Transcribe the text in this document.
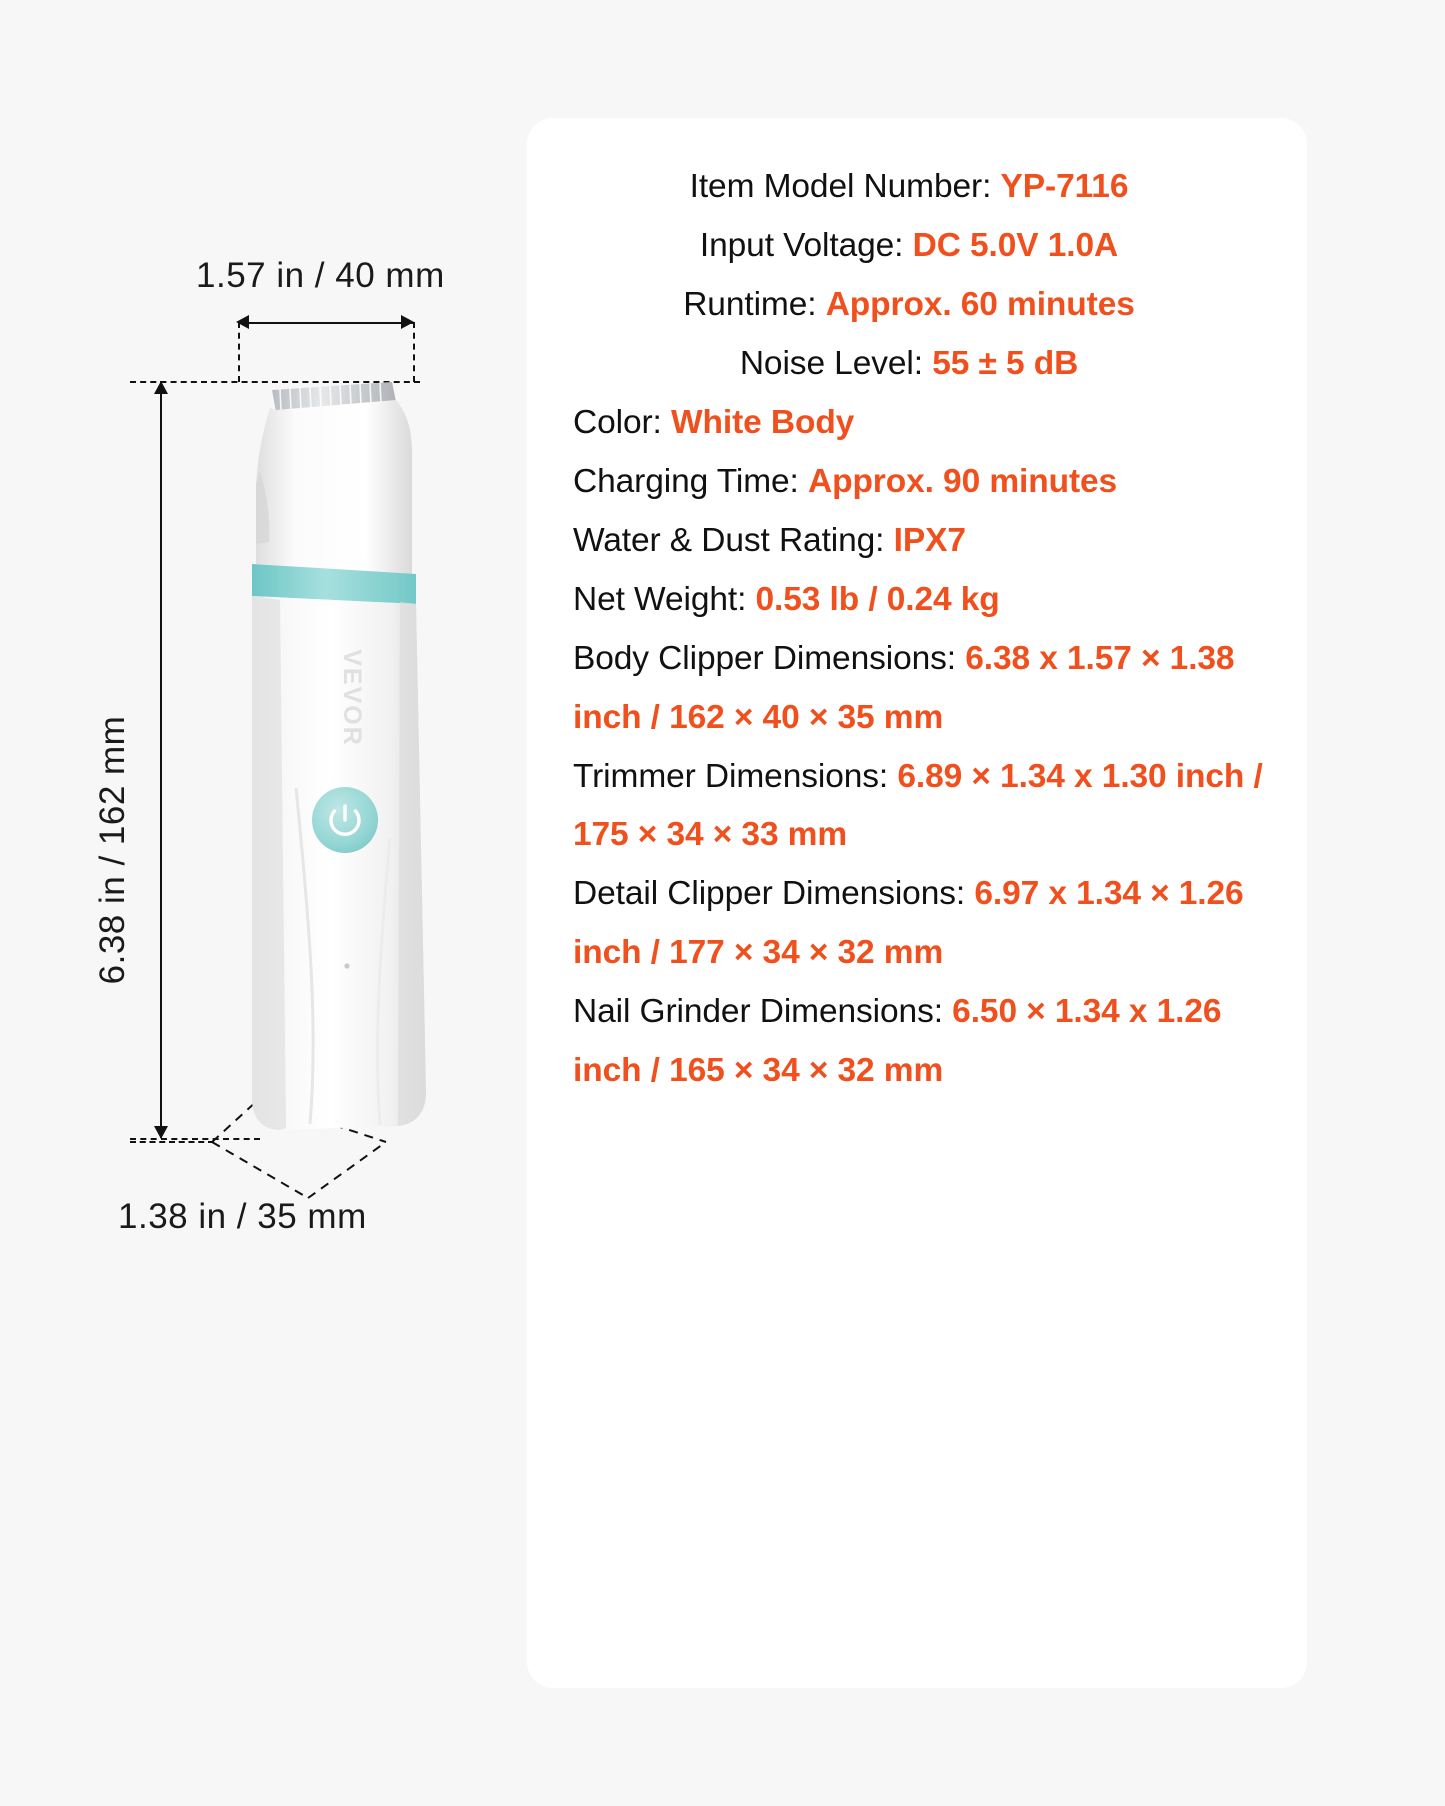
1.57 in / 40 mm
6.38 in / 162 mm
1.38 in / 35 mm
VEVOR
Item Model Number: YP-7116
Input Voltage: DC 5.0V 1.0A
Runtime: Approx. 60 minutes
Noise Level: 55 ± 5 dB
Color: White Body
Charging Time: Approx. 90 minutes
Water & Dust Rating: IPX7
Net Weight: 0.53 lb / 0.24 kg
Body Clipper Dimensions: 6.38 x 1.57 × 1.38 inch / 162 × 40 × 35 mm
Trimmer Dimensions: 6.89 × 1.34 x 1.30 inch / 175 × 34 × 33 mm
Detail Clipper Dimensions: 6.97 x 1.34 × 1.26 inch / 177 × 34 × 32 mm
Nail Grinder Dimensions: 6.50 × 1.34 x 1.26 inch / 165 × 34 × 32 mm
